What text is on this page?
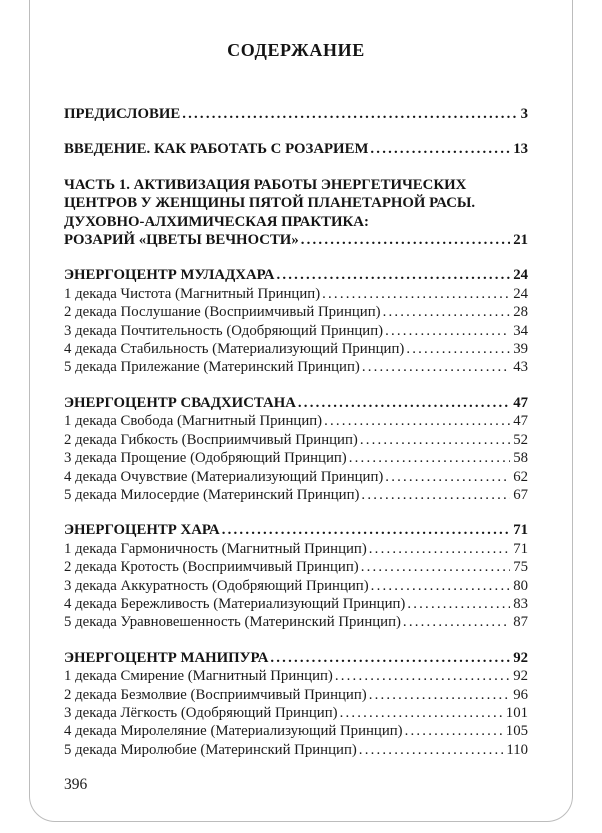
СОДЕРЖАНИЕ
ПРЕДИСЛОВИЕ .....	3
ВВЕДЕНИЕ. КАК РАБОТАТЬ С РОЗАРИЕМ .....	13
ЧАСТЬ 1. АКТИВИЗАЦИЯ РАБОТЫ ЭНЕРГЕТИЧЕСКИХ
ЦЕНТРОВ У ЖЕНЩИНЫ ПЯТОЙ ПЛАНЕТАРНОЙ РАСЫ.
ДУХОВНО-АЛХИМИЧЕСКАЯ ПРАКТИКА:
РОЗАРИЙ «ЦВЕТЫ ВЕЧНОСТИ» .....	21
ЭНЕРГОЦЕНТР МУЛАДХАРА .....	24
1 декада Чистота (Магнитный Принцип) .....	24
2 декада Послушание (Восприимчивый Принцип) .....	28
3 декада Почтительность (Одобряющий Принцип) .....	34
4 декада Стабильность (Материализующий Принцип) .....	39
5 декада Прилежание (Материнский Принцип) .....	43
ЭНЕРГОЦЕНТР СВАДХИСТАНА .....	47
1 декада Свобода (Магнитный Принцип) .....	47
2 декада Гибкость (Восприимчивый Принцип) .....	52
3 декада Прощение (Одобряющий Принцип) .....	58
4 декада Очувствие (Материализующий Принцип) .....	62
5 декада Милосердие (Материнский Принцип) .....	67
ЭНЕРГОЦЕНТР ХАРА .....	71
1 декада Гармоничность (Магнитный Принцип) .....	71
2 декада Кротость (Восприимчивый Принцип) .....	75
3 декада Аккуратность (Одобряющий Принцип) .....	80
4 декада Бережливость (Материализующий Принцип) .....	83
5 декада Уравновешенность (Материнский Принцип) .....	87
ЭНЕРГОЦЕНТР МАНИПУРА .....	92
1 декада Смирение (Магнитный Принцип) .....	92
2 декада Безмолвие (Восприимчивый Принцип) .....	96
3 декада Лёгкость (Одобряющий Принцип) .....	101
4 декада Миролеляние (Материализующий Принцип) .....	105
5 декада Миролюбие (Материнский Принцип) .....	110
396
